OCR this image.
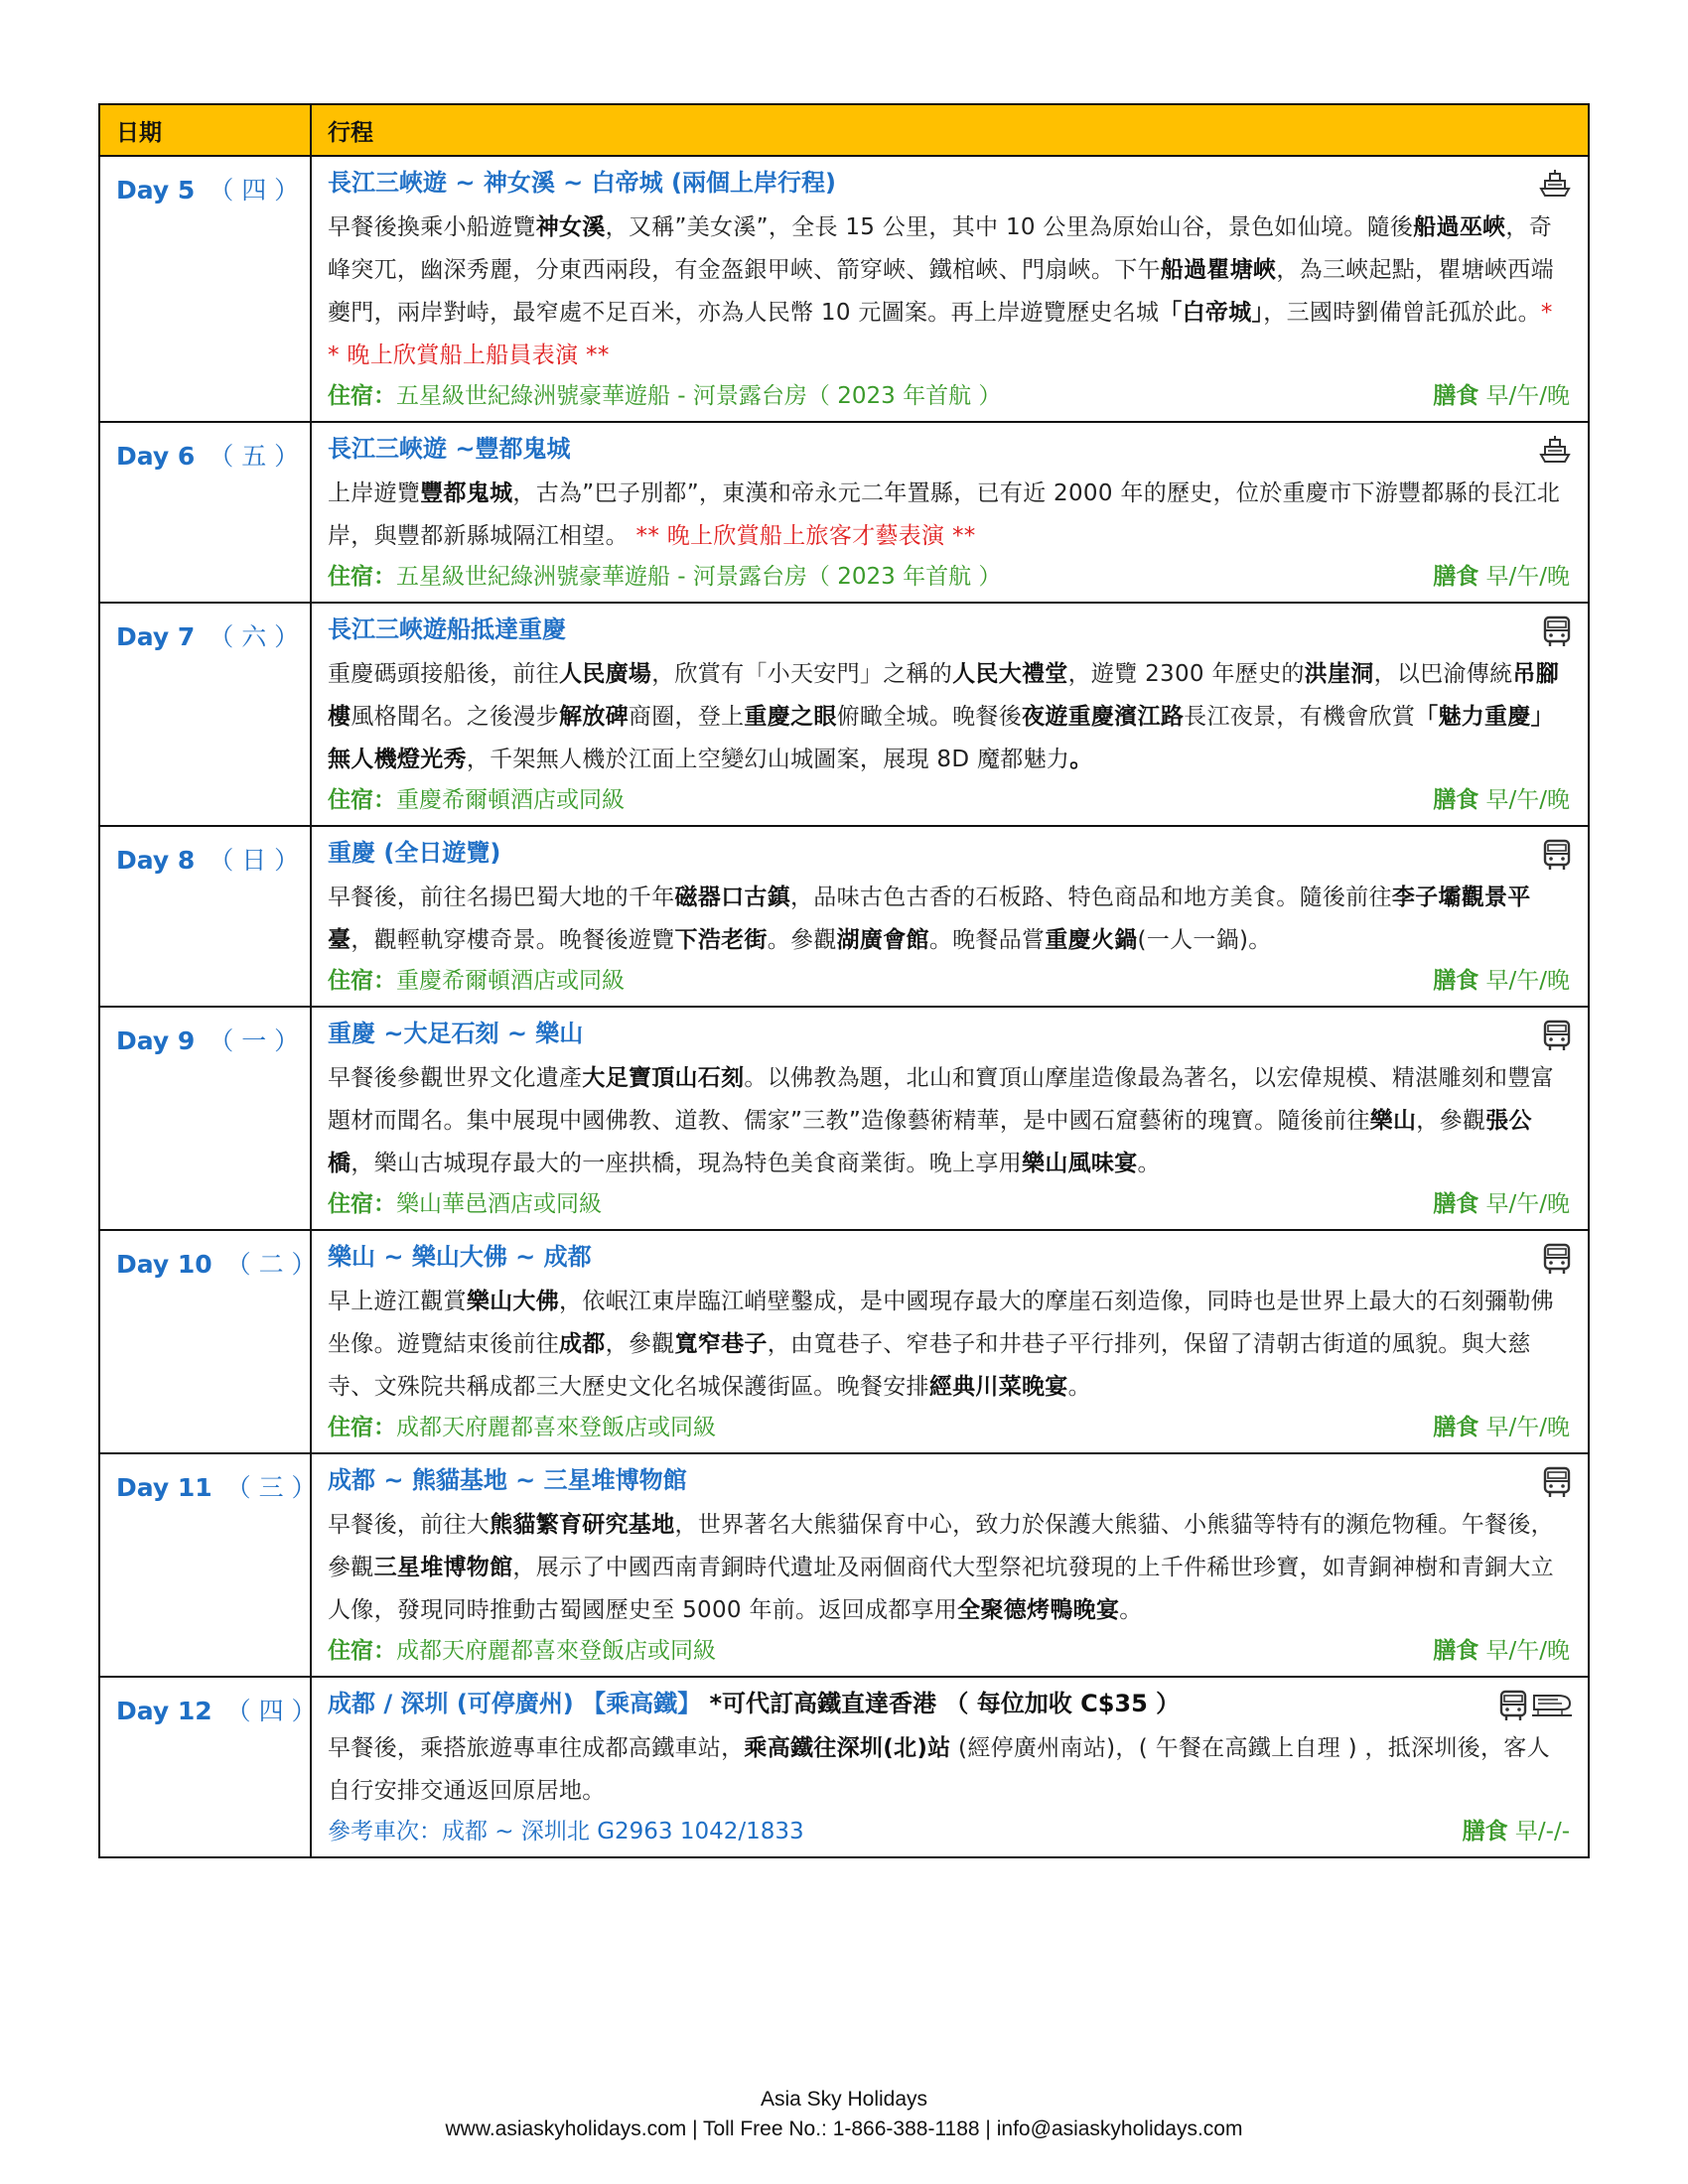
日期	行程
Day 5 （ 四 ）	長江三峽遊 ~ 神女溪 ~ 白帝城 (兩個上岸行程)
早餐後換乘小船遊覽神女溪，又稱”美女溪”，全長 15 公里，其中 10 公里為原始山谷，景色如仙境。隨後船過巫峽，奇峰突兀，幽深秀麗，分東西兩段，有金盔銀甲峽、箭穿峽、鐵棺峽、門扇峽。下午船過瞿塘峽，為三峽起點，瞿塘峽西端夔門，兩岸對峙，最窄處不足百米，亦為人民幣 10 元圖案。再上岸遊覽歷史名城「白帝城」，三國時劉備曾託孤於此。* * 晚上欣賞船上船員表演 **
住宿：五星級世紀綠洲號豪華遊船 - 河景露台房（ 2023 年首航 ） 膳食 早/午/晚

Day 6 （ 五 ）	長江三峽遊 ~豐都鬼城
上岸遊覽豐都鬼城，古為”巴子別都”，東漢和帝永元二年置縣，已有近 2000 年的歷史，位於重慶市下游豐都縣的長江北岸，與豐都新縣城隔江相望。 ** 晚上欣賞船上旅客才藝表演 **
住宿：五星級世紀綠洲號豪華遊船 - 河景露台房（ 2023 年首航 ） 膳食 早/午/晚

Day 7 （ 六 ）	長江三峽遊船抵達重慶
重慶碼頭接船後，前往人民廣場，欣賞有「小天安門」之稱的人民大禮堂，遊覽 2300 年歷史的洪崖洞，以巴渝傳統吊腳樓風格聞名。之後漫步解放碑商圈，登上重慶之眼俯瞰全城。晚餐後夜遊重慶濱江路長江夜景，有機會欣賞「魅力重慶」無人機燈光秀，千架無人機於江面上空變幻山城圖案，展現 8D 魔都魅力。
住宿：重慶希爾頓酒店或同級 膳食 早/午/晚

Day 8 （ 日 ）	重慶 (全日遊覽)
早餐後，前往名揚巴蜀大地的千年磁器口古鎮，品味古色古香的石板路、特色商品和地方美食。隨後前往李子壩觀景平臺，觀輕軌穿樓奇景。晚餐後遊覽下浩老街。參觀湖廣會館。晚餐品嘗重慶火鍋(一人一鍋)。
住宿：重慶希爾頓酒店或同級 膳食 早/午/晚

Day 9 （ 一 ）	重慶 ~大足石刻 ~ 樂山
早餐後參觀世界文化遺產大足寶頂山石刻。以佛教為題，北山和寶頂山摩崖造像最為著名，以宏偉規模、精湛雕刻和豐富題材而聞名。集中展現中國佛教、道教、儒家”三教”造像藝術精華，是中國石窟藝術的瑰寶。隨後前往樂山，參觀張公橋，樂山古城現存最大的一座拱橋，現為特色美食商業街。晚上享用樂山風味宴。
住宿：樂山華邑酒店或同級 膳食 早/午/晚

Day 10 （ 二 ）	樂山 ~ 樂山大佛 ~ 成都
早上遊江觀賞樂山大佛，依岷江東岸臨江峭壁鑿成，是中國現存最大的摩崖石刻造像，同時也是世界上最大的石刻彌勒佛坐像。遊覽結束後前往成都，參觀寬窄巷子，由寬巷子、窄巷子和井巷子平行排列，保留了清朝古街道的風貌。與大慈寺、文殊院共稱成都三大歷史文化名城保護街區。晚餐安排經典川菜晚宴。
住宿：成都天府麗都喜來登飯店或同級 膳食 早/午/晚

Day 11 （ 三 ）	成都 ~ 熊貓基地 ~ 三星堆博物館
早餐後，前往大熊貓繁育研究基地，世界著名大熊貓保育中心，致力於保護大熊貓、小熊貓等特有的瀕危物種。午餐後，參觀三星堆博物館，展示了中國西南青銅時代遺址及兩個商代大型祭祀坑發現的上千件稀世珍寶，如青銅神樹和青銅大立人像，發現同時推動古蜀國歷史至 5000 年前。返回成都享用全聚德烤鴨晚宴。
住宿：成都天府麗都喜來登飯店或同級 膳食 早/午/晚

Day 12 （ 四 ）	成都 / 深圳 (可停廣州) 【乘高鐵】 *可代訂高鐵直達香港 （ 每位加收 C$35 ）
早餐後，乘搭旅遊專車往成都高鐵車站，乘高鐵往深圳(北)站 (經停廣州南站)，( 午餐在高鐵上自理 ) ，抵深圳後，客人自行安排交通返回原居地。
參考車次：成都 ~ 深圳北 G2963 1042/1833 膳食 早/-/-
Asia Sky Holidays
www.asiaskyholidays.com | Toll Free No.: 1-866-388-1188 | info@asiaskyholidays.com
